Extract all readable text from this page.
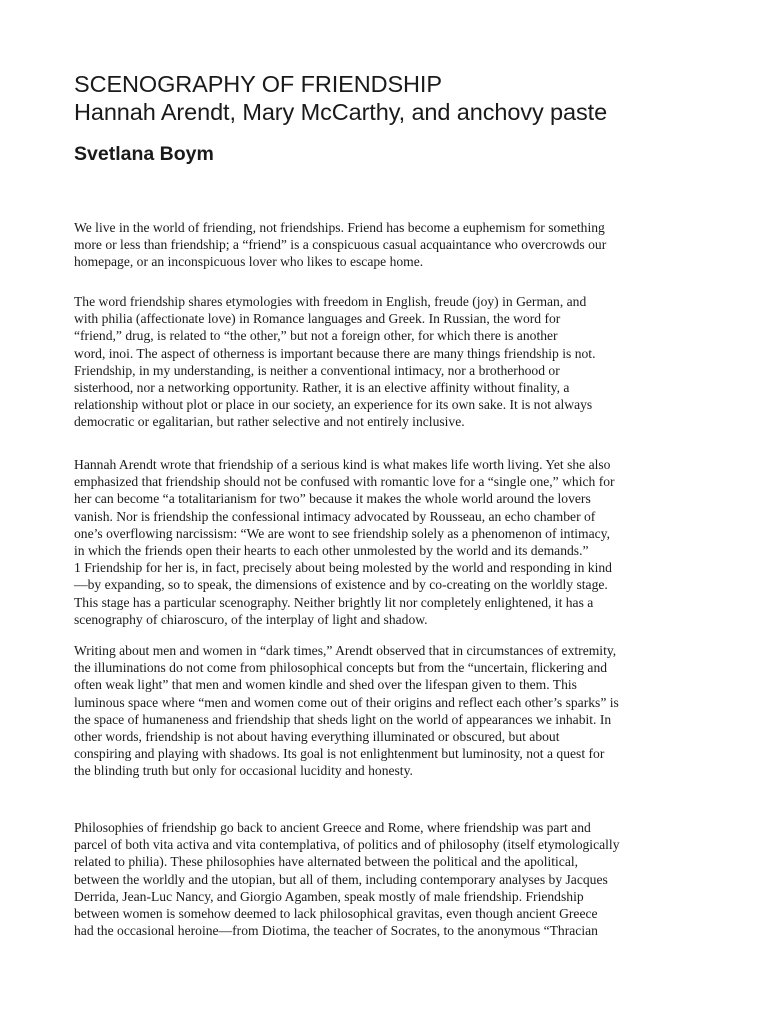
SCENOGRAPHY OF FRIENDSHIP
Hannah Arendt, Mary McCarthy, and anchovy paste
Svetlana Boym

We live in the world of friending, not friendships. Friend has become a euphemism for something
more or less than friendship; a “friend” is a conspicuous casual acquaintance who overcrowds our
homepage, or an inconspicuous lover who likes to escape home.

The word friendship shares etymologies with freedom in English, freude (joy) in German, and
with philia (affectionate love) in Romance languages and Greek. In Russian, the word for
“friend,” drug, is related to “the other,” but not a foreign other, for which there is another
word, inoi. The aspect of otherness is important because there are many things friendship is not.
Friendship, in my understanding, is neither a conventional intimacy, nor a brotherhood or
sisterhood, nor a networking opportunity. Rather, it is an elective affinity without finality, a
relationship without plot or place in our society, an experience for its own sake. It is not always
democratic or egalitarian, but rather selective and not entirely inclusive.

Hannah Arendt wrote that friendship of a serious kind is what makes life worth living. Yet she also
emphasized that friendship should not be confused with romantic love for a “single one,” which for
her can become “a totalitarianism for two” because it makes the whole world around the lovers
vanish. Nor is friendship the confessional intimacy advocated by Rousseau, an echo chamber of
one’s overflowing narcissism: “We are wont to see friendship solely as a phenomenon of intimacy,
in which the friends open their hearts to each other unmolested by the world and its demands.”
1 Friendship for her is, in fact, precisely about being molested by the world and responding in kind
—by expanding, so to speak, the dimensions of existence and by co-creating on the worldly stage.
This stage has a particular scenography. Neither brightly lit nor completely enlightened, it has a
scenography of chiaroscuro, of the interplay of light and shadow.

Writing about men and women in “dark times,” Arendt observed that in circumstances of extremity,
the illuminations do not come from philosophical concepts but from the “uncertain, flickering and
often weak light” that men and women kindle and shed over the lifespan given to them. This
luminous space where “men and women come out of their origins and reflect each other’s sparks” is
the space of humaneness and friendship that sheds light on the world of appearances we inhabit. In
other words, friendship is not about having everything illuminated or obscured, but about
conspiring and playing with shadows. Its goal is not enlightenment but luminosity, not a quest for
the blinding truth but only for occasional lucidity and honesty.

Philosophies of friendship go back to ancient Greece and Rome, where friendship was part and
parcel of both vita activa and vita contemplativa, of politics and of philosophy (itself etymologically
related to philia). These philosophies have alternated between the political and the apolitical,
between the worldly and the utopian, but all of them, including contemporary analyses by Jacques
Derrida, Jean-Luc Nancy, and Giorgio Agamben, speak mostly of male friendship. Friendship
between women is somehow deemed to lack philosophical gravitas, even though ancient Greece
had the occasional heroine—from Diotima, the teacher of Socrates, to the anonymous “Thracian
